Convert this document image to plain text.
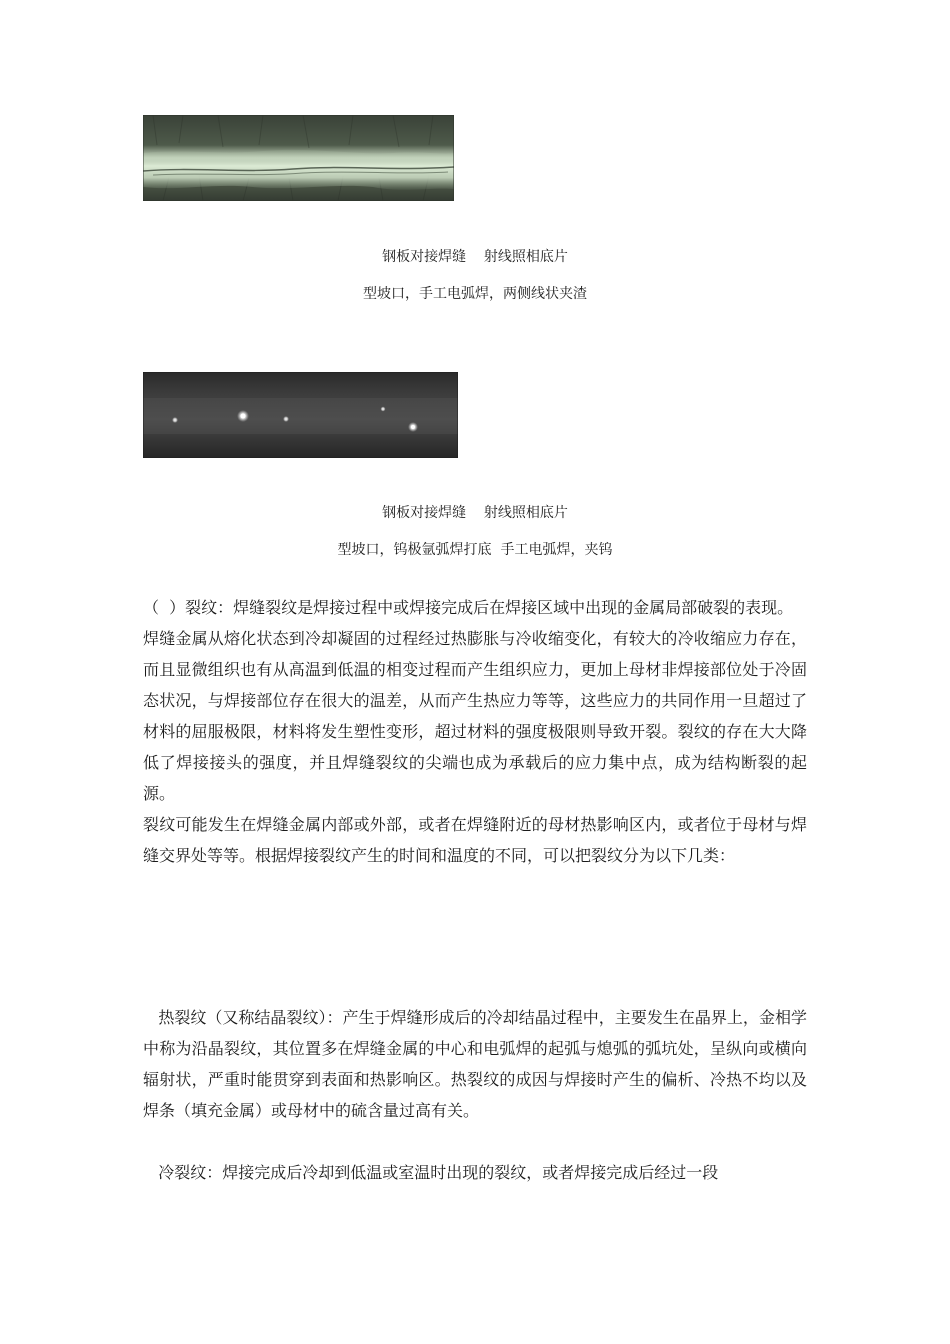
钢板对接焊缝    射线照相底片
型坡口，手工电弧焊，两侧线状夹渣
钢板对接焊缝    射线照相底片
型坡口，钨极氩弧焊打底  手工电弧焊，夹钨

（  ）裂纹：焊缝裂纹是焊接过程中或焊接完成后在焊接区域中出现的金属局部破裂的表现。

焊缝金属从熔化状态到冷却凝固的过程经过热膨胀与冷收缩变化，有较大的冷收缩应力存在，而且显微组织也有从高温到低温的相变过程而产生组织应力，更加上母材非焊接部位处于冷固态状况，与焊接部位存在很大的温差，从而产生热应力等等，这些应力的共同作用一旦超过了材料的屈服极限，材料将发生塑性变形，超过材料的强度极限则导致开裂。裂纹的存在大大降低了焊接接头的强度，并且焊缝裂纹的尖端也成为承载后的应力集中点，成为结构断裂的起源。

裂纹可能发生在焊缝金属内部或外部，或者在焊缝附近的母材热影响区内，或者位于母材与焊缝交界处等等。根据焊接裂纹产生的时间和温度的不同，可以把裂纹分为以下几类：

热裂纹（又称结晶裂纹）：产生于焊缝形成后的冷却结晶过程中，主要发生在晶界上，金相学中称为沿晶裂纹，其位置多在焊缝金属的中心和电弧焊的起弧与熄弧的弧坑处，呈纵向或横向辐射状，严重时能贯穿到表面和热影响区。热裂纹的成因与焊接时产生的偏析、冷热不均以及焊条（填充金属）或母材中的硫含量过高有关。

冷裂纹：焊接完成后冷却到低温或室温时出现的裂纹，或者焊接完成后经过一段
